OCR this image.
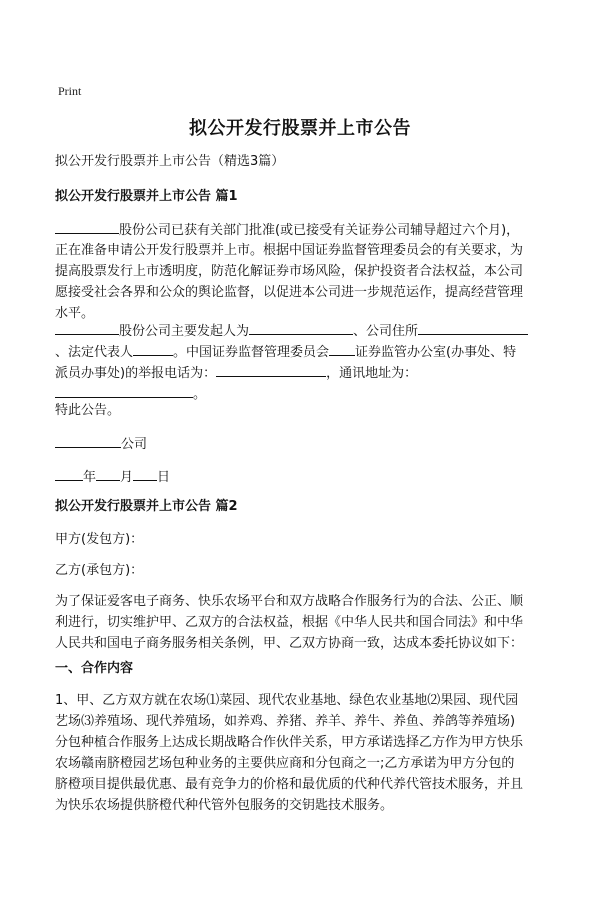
Print
拟公开发行股票并上市公告
拟公开发行股票并上市公告（精选3篇）
拟公开发行股票并上市公告 篇1
股份公司已获有关部门批准(或已接受有关证券公司辅导超过六个月)，
正在准备申请公开发行股票并上市。根据中国证券监督管理委员会的有关要求，为
提高股票发行上市透明度，防范化解证券市场风险，保护投资者合法权益，本公司
愿接受社会各界和公众的舆论监督，以促进本公司进一步规范运作，提高经营管理
水平。
股份公司主要发起人为	、公司住所
、法定代表人	。中国证券监督管理委员会 证券监管办公室(办事处、特
派员办事处)的举报电话为：	，通讯地址为：
。
特此公告。
公司
年 月 日
拟公开发行股票并上市公告 篇2
甲方(发包方)：
乙方(承包方)：
为了保证爱客电子商务、快乐农场平台和双方战略合作服务行为的合法、公正、顺
利进行，切实维护甲、乙双方的合法权益，根据《中华人民共和国合同法》和中华
人民共和国电子商务服务相关条例，甲、乙双方协商一致，达成本委托协议如下：
一、合作内容
1、甲、乙方双方就在农场⑴菜园、现代农业基地、绿色农业基地⑵果园、现代园
艺场⑶养殖场、现代养殖场，如养鸡、养猪、养羊、养牛、养鱼、养鸽等养殖场)
分包种植合作服务上达成长期战略合作伙伴关系，甲方承诺选择乙方作为甲方快乐
农场赣南脐橙园艺场包种业务的主要供应商和分包商之一;乙方承诺为甲方分包的
脐橙项目提供最优惠、最有竞争力的价格和最优质的代种代养代管技术服务，并且
为快乐农场提供脐橙代种代管外包服务的交钥匙技术服务。
